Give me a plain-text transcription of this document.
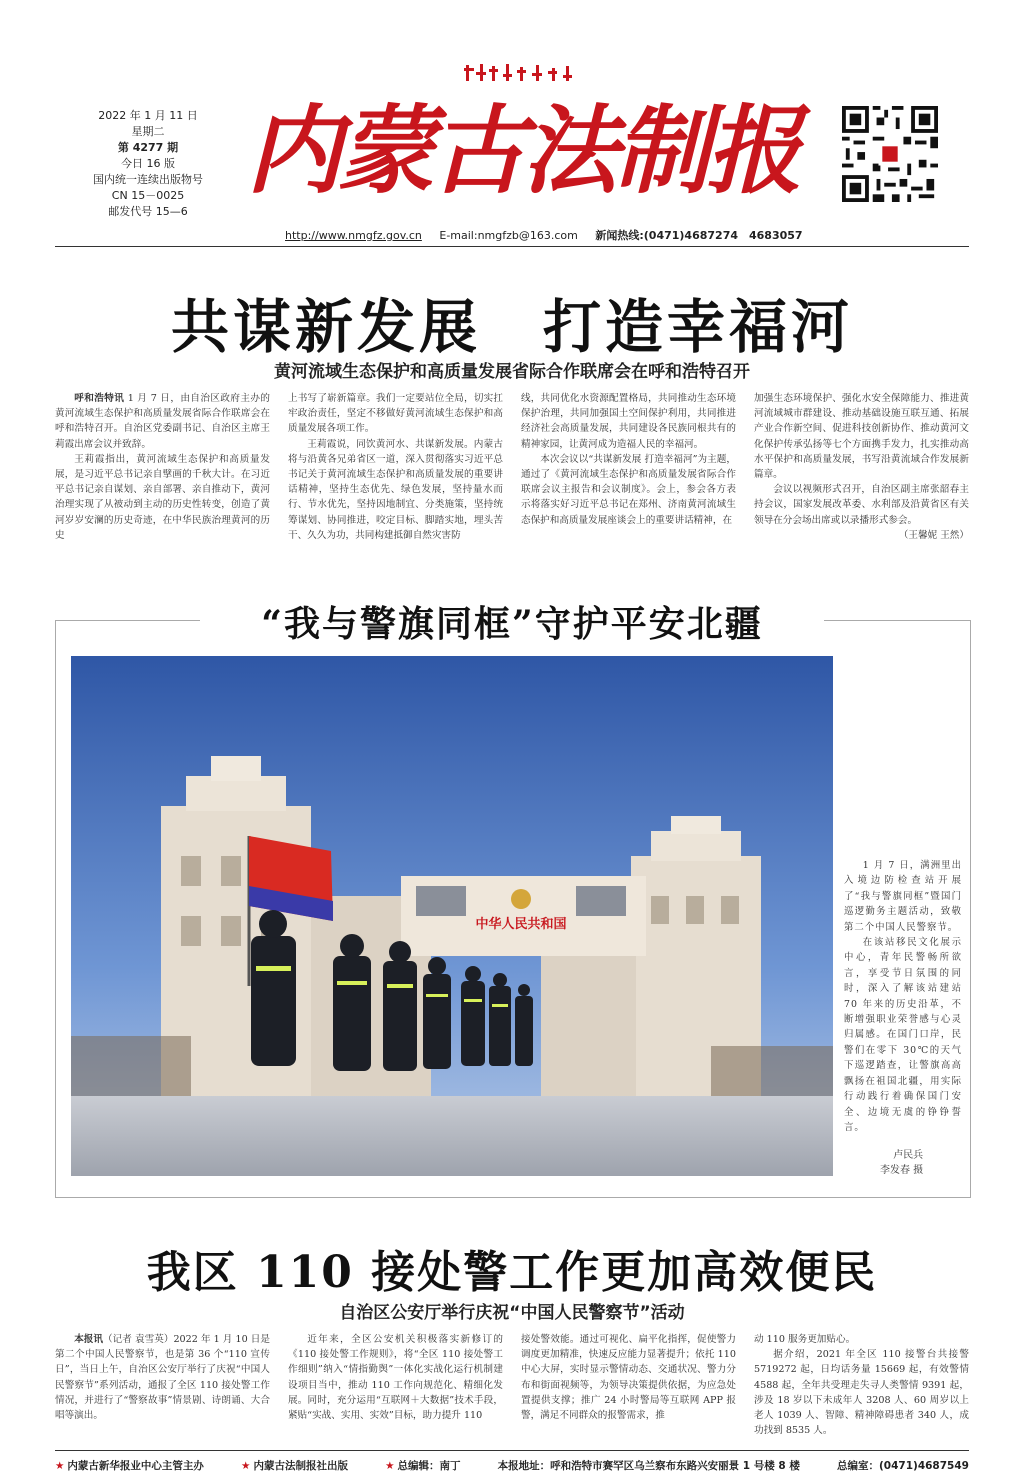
2022 年 1 月 11 日
星期二
第 4277 期
今日 16 版
国内统一连续出版物号
CN 15－0025
邮发代号 15—6
内蒙古法制报
http://www.nmgfz.gov.cn E-mail:nmgfzb@163.com 新闻热线:(0471)4687274　4683057
共谋新发展　打造幸福河
黄河流域生态保护和高质量发展省际合作联席会在呼和浩特召开

呼和浩特讯 1 月 7 日，由自治区政府主办的黄河流域生态保护和高质量发展省际合作联席会在呼和浩特召开。自治区党委副书记、自治区主席王莉霞出席会议并致辞。

王莉霞指出，黄河流域生态保护和高质量发展，是习近平总书记亲自擘画的千秋大计。在习近平总书记亲自谋划、亲自部署、亲自推动下，黄河治理实现了从被动到主动的历史性转变，创造了黄河岁岁安澜的历史奇迹，在中华民族治理黄河的历史

上书写了崭新篇章。我们一定要站位全局，切实扛牢政治责任，坚定不移做好黄河流域生态保护和高质量发展各项工作。

王莉霞说，同饮黄河水、共谋新发展。内蒙古将与沿黄各兄弟省区一道，深入贯彻落实习近平总书记关于黄河流域生态保护和高质量发展的重要讲话精神，坚持生态优先、绿色发展，坚持量水而行、节水优先，坚持因地制宜、分类施策，坚持统筹谋划、协同推进，咬定目标、脚踏实地，埋头苦干、久久为功，共同构建抵御自然灾害防

线，共同优化水资源配置格局，共同推动生态环境保护治理，共同加强国土空间保护利用，共同推进经济社会高质量发展，共同建设各民族同根共有的精神家园，让黄河成为造福人民的幸福河。

本次会议以“共谋新发展 打造幸福河”为主题，通过了《黄河流域生态保护和高质量发展省际合作联席会议主报告和会议制度》。会上，参会各方表示将落实好习近平总书记在郑州、济南黄河流域生态保护和高质量发展座谈会上的重要讲话精神，在

加强生态环境保护、强化水安全保障能力、推进黄河流域城市群建设、推动基础设施互联互通、拓展产业合作新空间、促进科技创新协作、推动黄河文化保护传承弘扬等七个方面携手发力，扎实推动高水平保护和高质量发展，书写沿黄流域合作发展新篇章。

会议以视频形式召开，自治区副主席张韶春主持会议，国家发展改革委、水利部及沿黄省区有关领导在分会场出席或以录播形式参会。

（王馨妮 王然）

“我与警旗同框”守护平安北疆
中华人民共和国

1 月 7 日，满洲里出入境边防检查站开展了“我与警旗同框”暨国门巡逻勤务主题活动，致敬第二个中国人民警察节。

在该站移民文化展示中心，青年民警畅所欲言，享受节日氛围的同时，深入了解该站建站 70 年来的历史沿革，不断增强职业荣誉感与心灵归属感。在国门口岸，民警们在零下 30℃的天气下巡逻踏查，让警旗高高飘扬在祖国北疆，用实际行动践行着确保国门安全、边境无虞的铮铮誓言。

卢民兵
李发春 摄
我区 110 接处警工作更加高效便民
自治区公安厅举行庆祝“中国人民警察节”活动

本报讯（记者 袁雪英）2022 年 1 月 10 日是第二个中国人民警察节，也是第 36 个“110 宣传日”，当日上午，自治区公安厅举行了庆祝“中国人民警察节”系列活动，通报了全区 110 接处警工作情况，并进行了“警察故事”情景剧、诗朗诵、大合唱等演出。

近年来，全区公安机关积极落实新修订的《110 接处警工作规则》，将“全区 110 接处警工作细则”纳入“情指勤舆”一体化实战化运行机制建设项目当中，推动 110 工作向规范化、精细化发展。同时，充分运用“互联网＋大数据”技术手段，紧贴“实战、实用、实效”目标，助力提升 110

接处警效能。通过可视化、扁平化指挥，促使警力调度更加精准，快速反应能力显著提升；依托 110 中心大屏，实时显示警情动态、交通状况、警力分布和街面视频等，为领导决策提供依据，为应急处置提供支撑；推广 24 小时警局等互联网 APP 报警，满足不同群众的报警需求，推

动 110 服务更加贴心。

据介绍，2021 年全区 110 接警台共接警 5719272 起，日均话务量 15669 起，有效警情 4588 起，全年共受理走失寻人类警情 9391 起，涉及 18 岁以下未成年人 3208 人、60 周岁以上老人 1039 人、智障、精神障碍患者 340 人，成功找到 8535 人。

★ 内蒙古新华报业中心主管主办	★ 内蒙古法制报社出版	★ 总编辑：南丁	本报地址：呼和浩特市赛罕区乌兰察布东路兴安丽景 1 号楼 8 楼	总编室：(0471)4687549
